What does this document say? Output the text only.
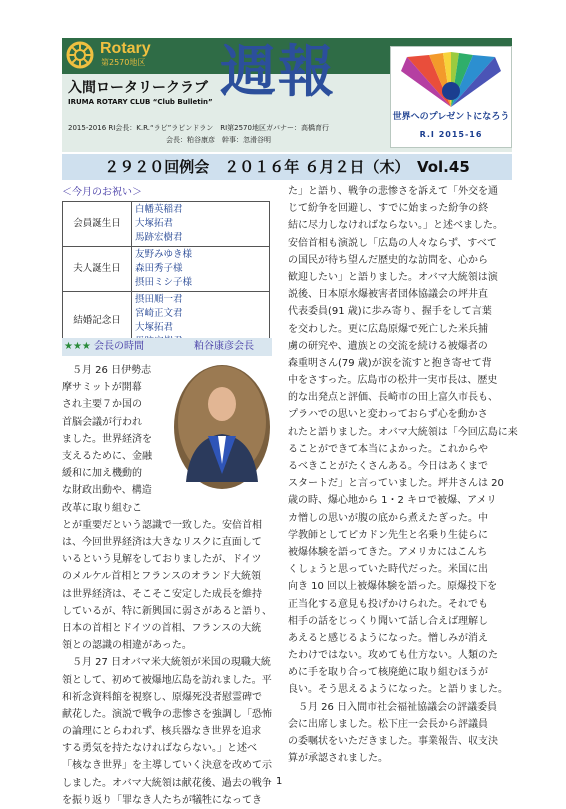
Rotary
第2570地区
入間ロータリークラブ
IRUMA ROTARY CLUB “Club Bulletin” 週報
2015-2016 RI会長：K.R.“ラビ”ラビンドラン　RI第2570地区ガバナー：高橋育行
会長：粕谷康彦　幹事：忽滑谷明
世界へのプレゼントになろう
R.I 2015-16
２９２０回例会　２０１６年 ６月２日（木）　Vol.45
＜今月のお祝い＞
会員誕生日	白幡英稲君大塚拓君
馬跡宏樹君
夫人誕生日	友野みゆき様森田秀子様
摂田ミシ子様
結婚記念日	摂田順一君宮崎正文君
大塚拓君
★★★ 会長の時間	粕谷康彦会長
　５月 26 日伊勢志
摩サミットが開幕
され主要７か国の
首脳会議が行われ
ました。世界経済を
支えるために、金融
緩和に加え機動的
な財政出動や、構造
改革に取り組むこ
とが重要だという認識で一致した。安倍首相
は、今回世界経済は大きなリスクに直面して
いるという見解をしておりましたが、ドイツ
のメルケル首相とフランスのオランド大統領
は世界経済は、そこそこ安定した成長を維持
しているが、特に新興国に弱さがあると語り、
日本の首相とドイツの首相、フランスの大統
領との認識の相違があった。
　５月 27 日オバマ米大統領が米国の現職大統
領として、初めて被爆地広島を訪れました。平
和祈念資料館を視察し、原爆死没者慰霊碑で
献花した。演説で戦争の悲惨さを強調し「恐怖
の論理にとらわれず、核兵器なき世界を追求
する勇気を持たなければならない。」と述べ
「核なき世界」を主導していく決意を改めて示
しました。オバマ大統領は献花後、過去の戦争
を振り返り「罪なき人たちが犠牲になってき
た」と語り、戦争の悲惨さを訴えて「外交を通
じて紛争を回避し、すでに始まった紛争の終
結に尽力しなければならない。」と述べました。
安倍首相も演説し「広島の人々ならず、すべて
の国民が待ち望んだ歴史的な訪問を、心から
歓迎したい」と語りました。オバマ大統領は演
説後、日本原水爆被害者団体協議会の坪井直
代表委員(91 歳)に歩み寄り、握手をして言葉
を交わした。更に広島原爆で死亡した米兵捕
虜の研究や、遺族との交流を続ける被爆者の
森重明さん(79 歳)が涙を流すと抱き寄せて背
中をさすった。広島市の松井一実市長は、歴史
的な出発点と評価、長崎市の田上富久市長も、
プラハでの思いと変わっておらず心を動かさ
れたと語りました。オバマ大統領は「今回広島に来
ることができて本当によかった。これからや
るべきことがたくさんある。今日はあくまで
スタートだ」と言っていました。坪井さんは 20
歳の時、爆心地から 1・2 キロで被爆、アメリ
カ憎しの思いが腹の底から煮えたぎった。中
学教師としてピカドン先生と名乗り生徒らに
被爆体験を語ってきた。アメリカにはこんち
くしょうと思っていた時代だった。米国に出
向き 10 回以上被爆体験を語った。原爆投下を
正当化する意見も投げかけられた。それでも
相手の話をじっくり聞いて話し合えば理解し
あえると感じるようになった。憎しみが消え
たわけではない。攻めても仕方ない。人類のた
めに手を取り合って核廃絶に取り組むほうが
良い。そう思えるようになった。と語りました。
　５月 26 日入間市社会福祉協議会の評議委員
会に出席しました。松下庄一会長から評議員
の委嘱状をいただきました。事業報告、収支決
算が承認されました。
1
